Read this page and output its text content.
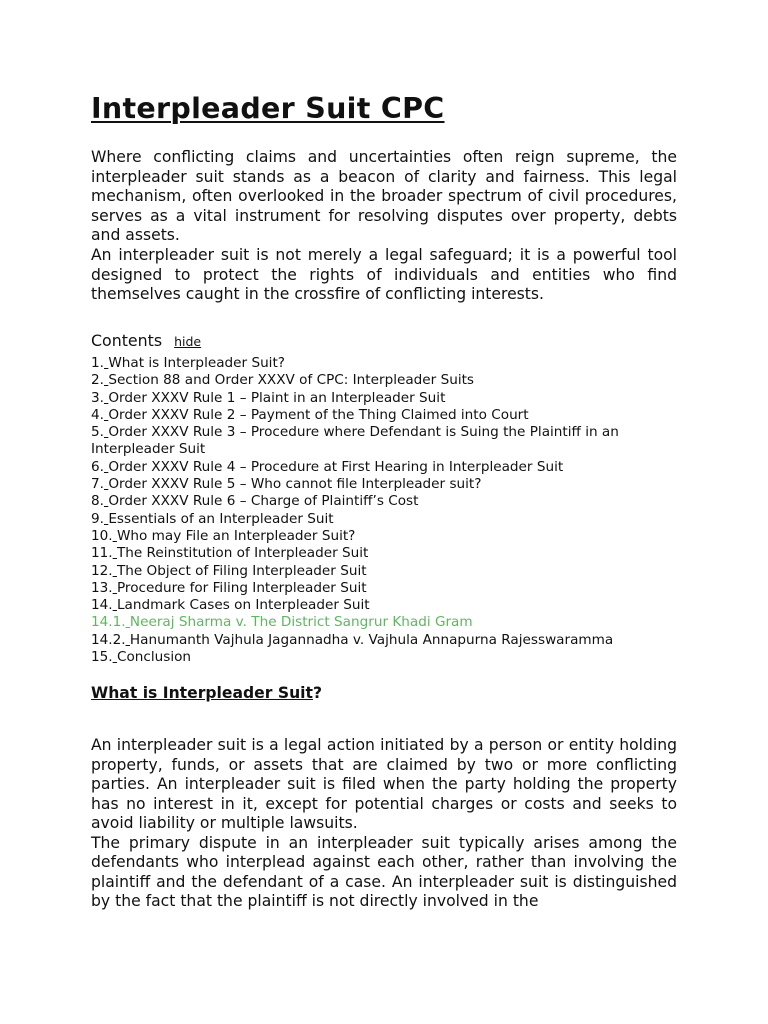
Interpleader Suit CPC

Where conflicting claims and uncertainties often reign supreme, the interpleader suit stands as a beacon of clarity and fairness. This legal mechanism, often overlooked in the broader spectrum of civil procedures, serves as a vital instrument for resolving disputes over property, debts and assets.

An interpleader suit is not merely a legal safeguard; it is a powerful tool designed to protect the rights of individuals and entities who find themselves caught in the crossfire of conflicting interests.

Contents hide
1. What is Interpleader Suit?
2. Section 88 and Order XXXV of CPC: Interpleader Suits
3. Order XXXV Rule 1 – Plaint in an Interpleader Suit
4. Order XXXV Rule 2 – Payment of the Thing Claimed into Court
5. Order XXXV Rule 3 – Procedure where Defendant is Suing the Plaintiff in an Interpleader Suit
6. Order XXXV Rule 4 – Procedure at First Hearing in Interpleader Suit
7. Order XXXV Rule 5 – Who cannot file Interpleader suit?
8. Order XXXV Rule 6 – Charge of Plaintiff’s Cost
9. Essentials of an Interpleader Suit
10. Who may File an Interpleader Suit?
11. The Reinstitution of Interpleader Suit
12. The Object of Filing Interpleader Suit
13. Procedure for Filing Interpleader Suit
14. Landmark Cases on Interpleader Suit
14.1. Neeraj Sharma v. The District Sangrur Khadi Gram
14.2. Hanumanth Vajhula Jagannadha v. Vajhula Annapurna Rajesswaramma
15. Conclusion
What is Interpleader Suit?

An interpleader suit is a legal action initiated by a person or entity holding property, funds, or assets that are claimed by two or more conflicting parties. An interpleader suit is filed when the party holding the property has no interest in it, except for potential charges or costs and seeks to avoid liability or multiple lawsuits.

The primary dispute in an interpleader suit typically arises among the defendants who interplead against each other, rather than involving the plaintiff and the defendant of a case. An interpleader suit is distinguished by the fact that the plaintiff is not directly involved in the
